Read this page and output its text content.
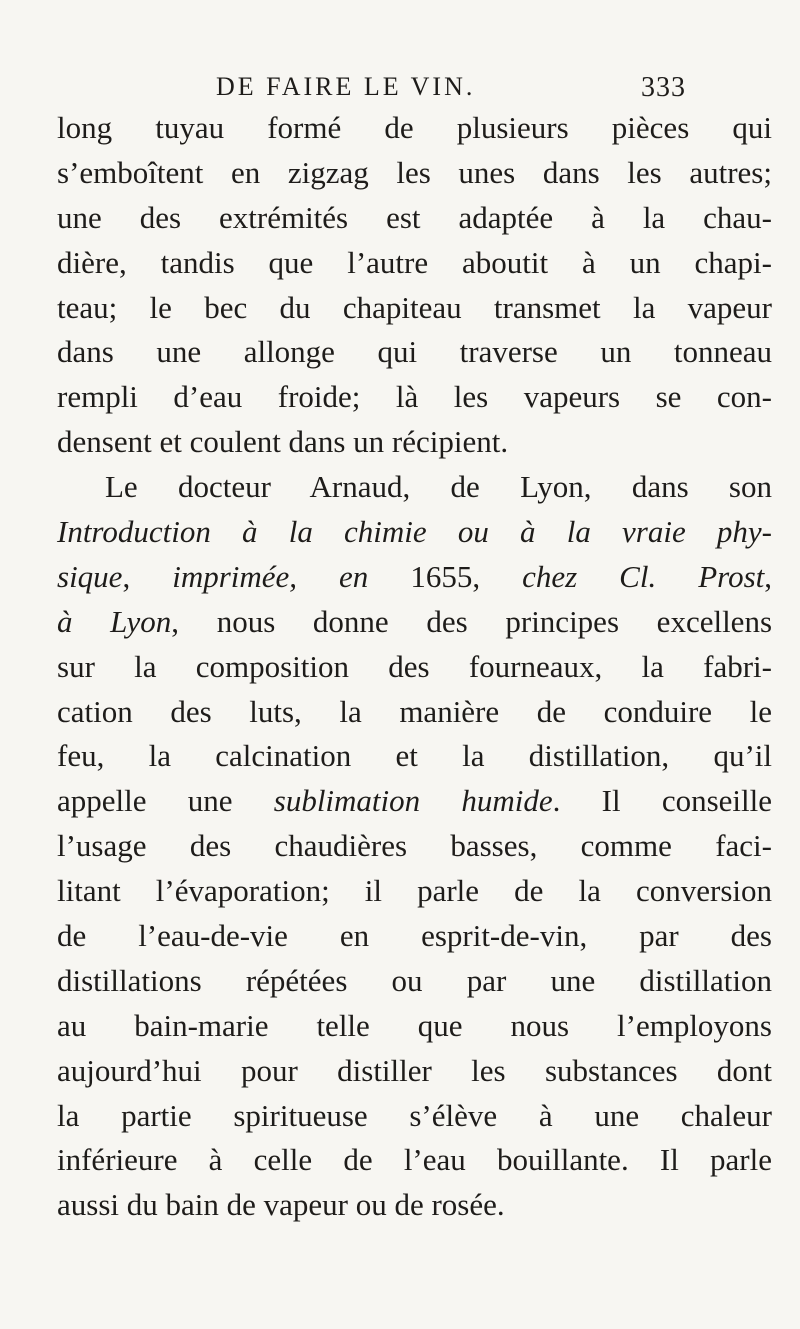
DE FAIRE LE VIN.	333
long tuyau formé de plusieurs pièces qui
s’emboîtent en zigzag les unes dans les autres;
une des extrémités est adaptée à la chau-
dière, tandis que l’autre aboutit à un chapi-
teau; le bec du chapiteau transmet la vapeur
dans une allonge qui traverse un tonneau
rempli d’eau froide; là les vapeurs se con-
densent et coulent dans un récipient.
Le docteur Arnaud, de Lyon, dans son
Introduction à la chimie ou à la vraie phy-
sique, imprimée, en 1655, chez Cl. Prost,
à Lyon, nous donne des principes excellens
sur la composition des fourneaux, la fabri-
cation des luts, la manière de conduire le
feu, la calcination et la distillation, qu’il
appelle une sublimation humide. Il conseille
l’usage des chaudières basses, comme faci-
litant l’évaporation; il parle de la conversion
de l’eau-de-vie en esprit-de-vin, par des
distillations répétées ou par une distillation
au bain-marie telle que nous l’employons
aujourd’hui pour distiller les substances dont
la partie spiritueuse s’élève à une chaleur
inférieure à celle de l’eau bouillante. Il parle
aussi du bain de vapeur ou de rosée.
